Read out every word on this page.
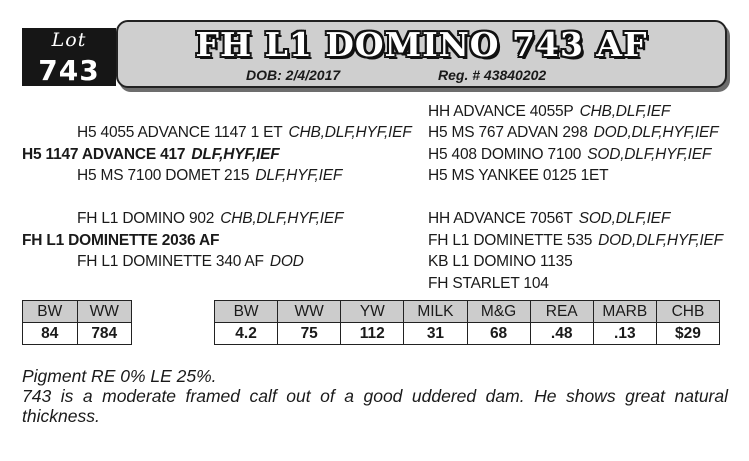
Lot
743
FH L1 DOMINO 743 AF
DOB: 2/4/2017	Reg. # 43840202
HH ADVANCE 4055P CHB,DLF,IEF
H5 4055 ADVANCE 1147 1 ET CHB,DLF,HYF,IEF H5 MS 767 ADVAN 298 DOD,DLF,HYF,IEF
H5 1147 ADVANCE 417 DLF,HYF,IEF	H5 408 DOMINO 7100 SOD,DLF,HYF,IEF
H5 MS 7100 DOMET 215 DLF,HYF,IEF	H5 MS YANKEE 0125 1ET
FH L1 DOMINO 902 CHB,DLF,HYF,IEF	HH ADVANCE 7056T SOD,DLF,IEF
FH L1 DOMINETTE 2036 AF	FH L1 DOMINETTE 535 DOD,DLF,HYF,IEF
FH L1 DOMINETTE 340 AF DOD	KB L1 DOMINO 1135
FH STARLET 104
BW	WW
84	784
BW	WW	YW	MILK	M&G	REA	MARB	CHB
4.2	75	112	31	68	.48	.13	$29
Pigment RE 0% LE 25%.
743 is a moderate framed calf out of a good uddered dam. He shows great natural thickness.
